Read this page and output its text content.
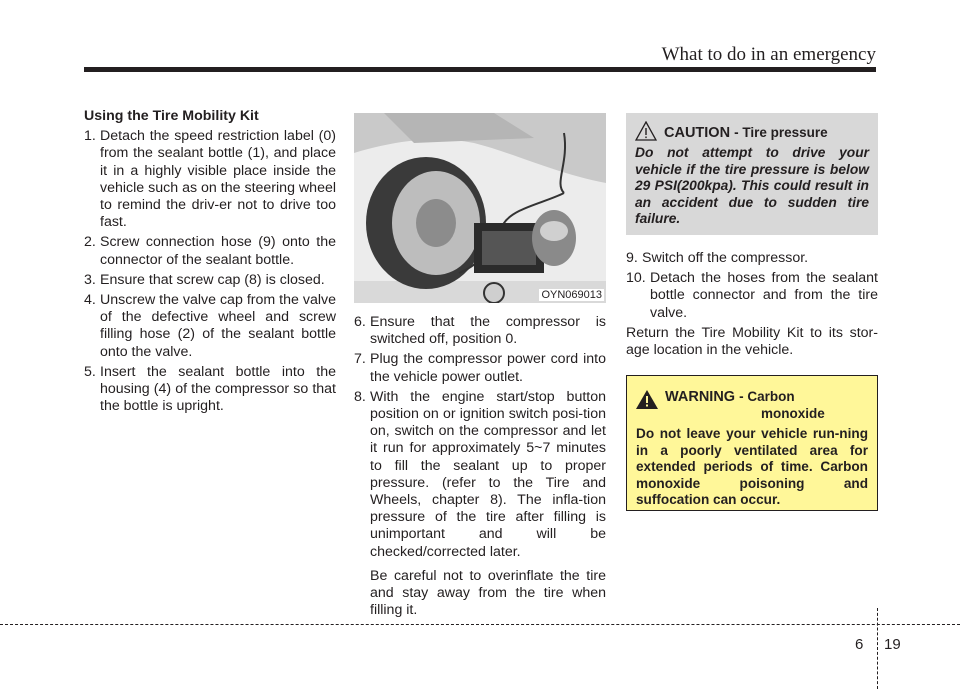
What to do in an emergency
Using the Tire Mobility Kit
1. Detach the speed restriction label (0) from the sealant bottle (1), and place it in a highly visible place inside the vehicle such as on the steering wheel to remind the driv-er not to drive too fast.
2. Screw connection hose (9) onto the connector of the sealant bottle.
3. Ensure that screw cap (8) is closed.
4. Unscrew the valve cap from the valve of the defective wheel and screw filling hose (2) of the sealant bottle onto the valve.
5. Insert the sealant bottle into the housing (4) of the compressor so that the bottle is upright.
OYN069013
6. Ensure that the compressor is switched off, position 0.
7. Plug the compressor power cord into the vehicle power outlet.
8. With the engine start/stop button position on or ignition switch posi-tion on, switch on the compressor and let it run for approximately 5~7 minutes to fill the sealant up to proper pressure. (refer to the Tire and Wheels, chapter 8). The infla-tion pressure of the tire after filling is unimportant and will be checked/corrected later.
Be careful not to overinflate the tire and stay away from the tire when filling it.
CAUTION - Tire pressure
Do not attempt to drive your vehicle if the tire pressure is below 29 PSI(200kpa). This could result in an accident due to sudden tire failure.
9. Switch off the compressor.
10. Detach the hoses from the sealant bottle connector and from the tire valve.
Return the Tire Mobility Kit to its stor-age location in the vehicle.
WARNING - Carbon
monoxide
Do not leave your vehicle run-ning in a poorly ventilated area for extended periods of time. Carbon monoxide poisoning and suffocation can occur.
6 19
